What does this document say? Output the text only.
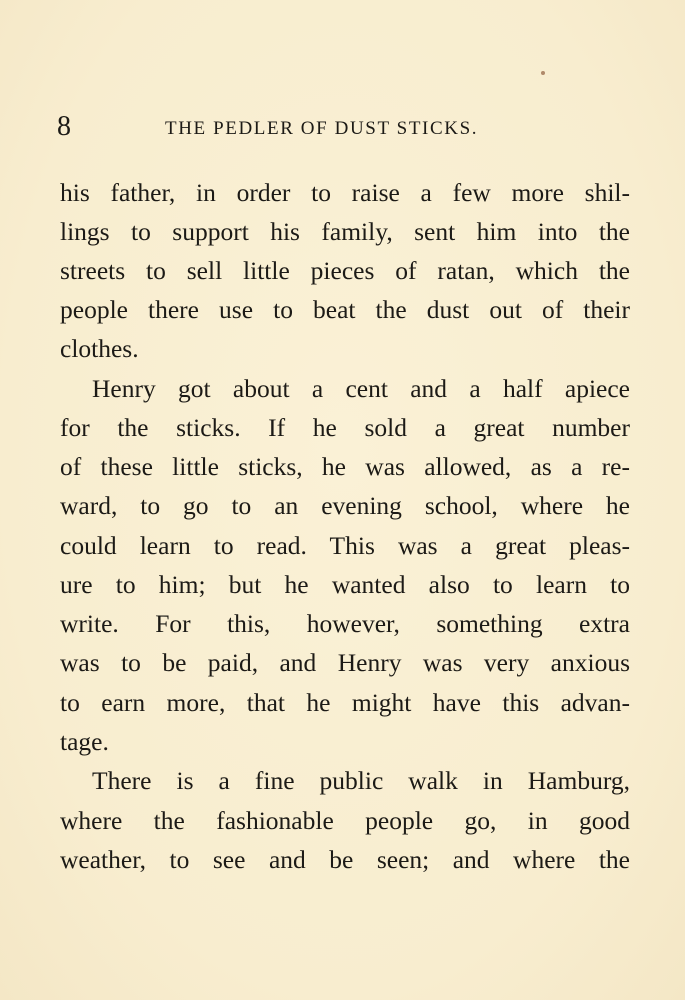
8	THE PEDLER OF DUST STICKS.
his father, in order to raise a few more shil-
lings to support his family, sent him into the
streets to sell little pieces of ratan, which the
people there use to beat the dust out of their
clothes.
Henry got about a cent and a half apiece
for the sticks. If he sold a great number
of these little sticks, he was allowed, as a re-
ward, to go to an evening school, where he
could learn to read. This was a great pleas-
ure to him; but he wanted also to learn to
write. For this, however, something extra
was to be paid, and Henry was very anxious
to earn more, that he might have this advan-
tage.
There is a fine public walk in Hamburg,
where the fashionable people go, in good
weather, to see and be seen; and where the
